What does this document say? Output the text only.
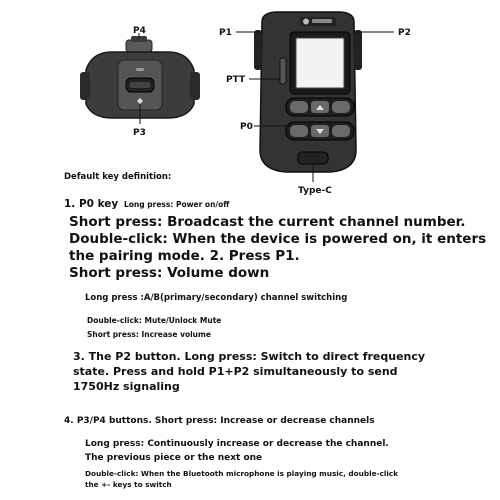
P4
P3
P1	P2
PTT
P0
Type-C
Default key definition:
1. P0 key Long press: Power on/off
Short press: Broadcast the current channel number.
Double-click: When the device is powered on, it enters
the pairing mode. 2. Press P1.
Short press: Volume down
Long press :A/B(primary/secondary) channel switching
Double-click: Mute/Unlock Mute
Short press: Increase volume
3. The P2 button. Long press: Switch to direct frequency
state. Press and hold P1+P2 simultaneously to send
1750Hz signaling
4. P3/P4 buttons. Short press: Increase or decrease channels
Long press: Continuously increase or decrease the channel.
The previous piece or the next one
Double-click: When the Bluetooth microphone is playing music, double-click
the +- keys to switch
